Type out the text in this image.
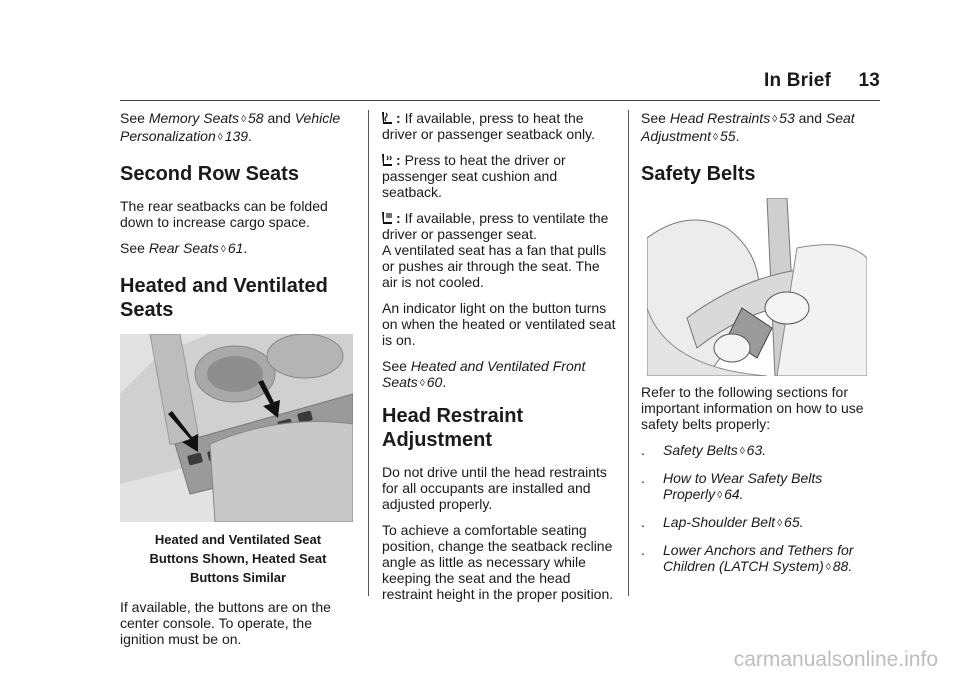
In Brief 13

See Memory Seats ◊ 58 and Vehicle Personalization ◊ 139.

Second Row Seats

The rear seatbacks can be folded down to increase cargo space.

See Rear Seats ◊ 61.

Heated and Ventilated
Seats
Heated and Ventilated Seat
Buttons Shown, Heated Seat
Buttons Similar

If available, the buttons are on the center console. To operate, the ignition must be on.

: If available, press to heat the driver or passenger seatback only.

: Press to heat the driver or passenger seat cushion and seatback.

: If available, press to ventilate the driver or passenger seat.
A ventilated seat has a fan that pulls or pushes air through the seat. The air is not cooled.

An indicator light on the button turns on when the heated or ventilated seat is on.

See Heated and Ventilated Front Seats ◊ 60.

Head Restraint
Adjustment

Do not drive until the head restraints for all occupants are installed and adjusted properly.

To achieve a comfortable seating position, change the seatback recline angle as little as necessary while keeping the seat and the head restraint height in the proper position.

See Head Restraints ◊ 53 and Seat Adjustment ◊ 55.

Safety Belts

Refer to the following sections for important information on how to use safety belts properly:

.	Safety Belts ◊ 63.
.	How to Wear Safety Belts Properly ◊ 64.
.	Lap-Shoulder Belt ◊ 65.
.	Lower Anchors and Tethers for Children (LATCH System) ◊ 88.
carmanualsonline.info
